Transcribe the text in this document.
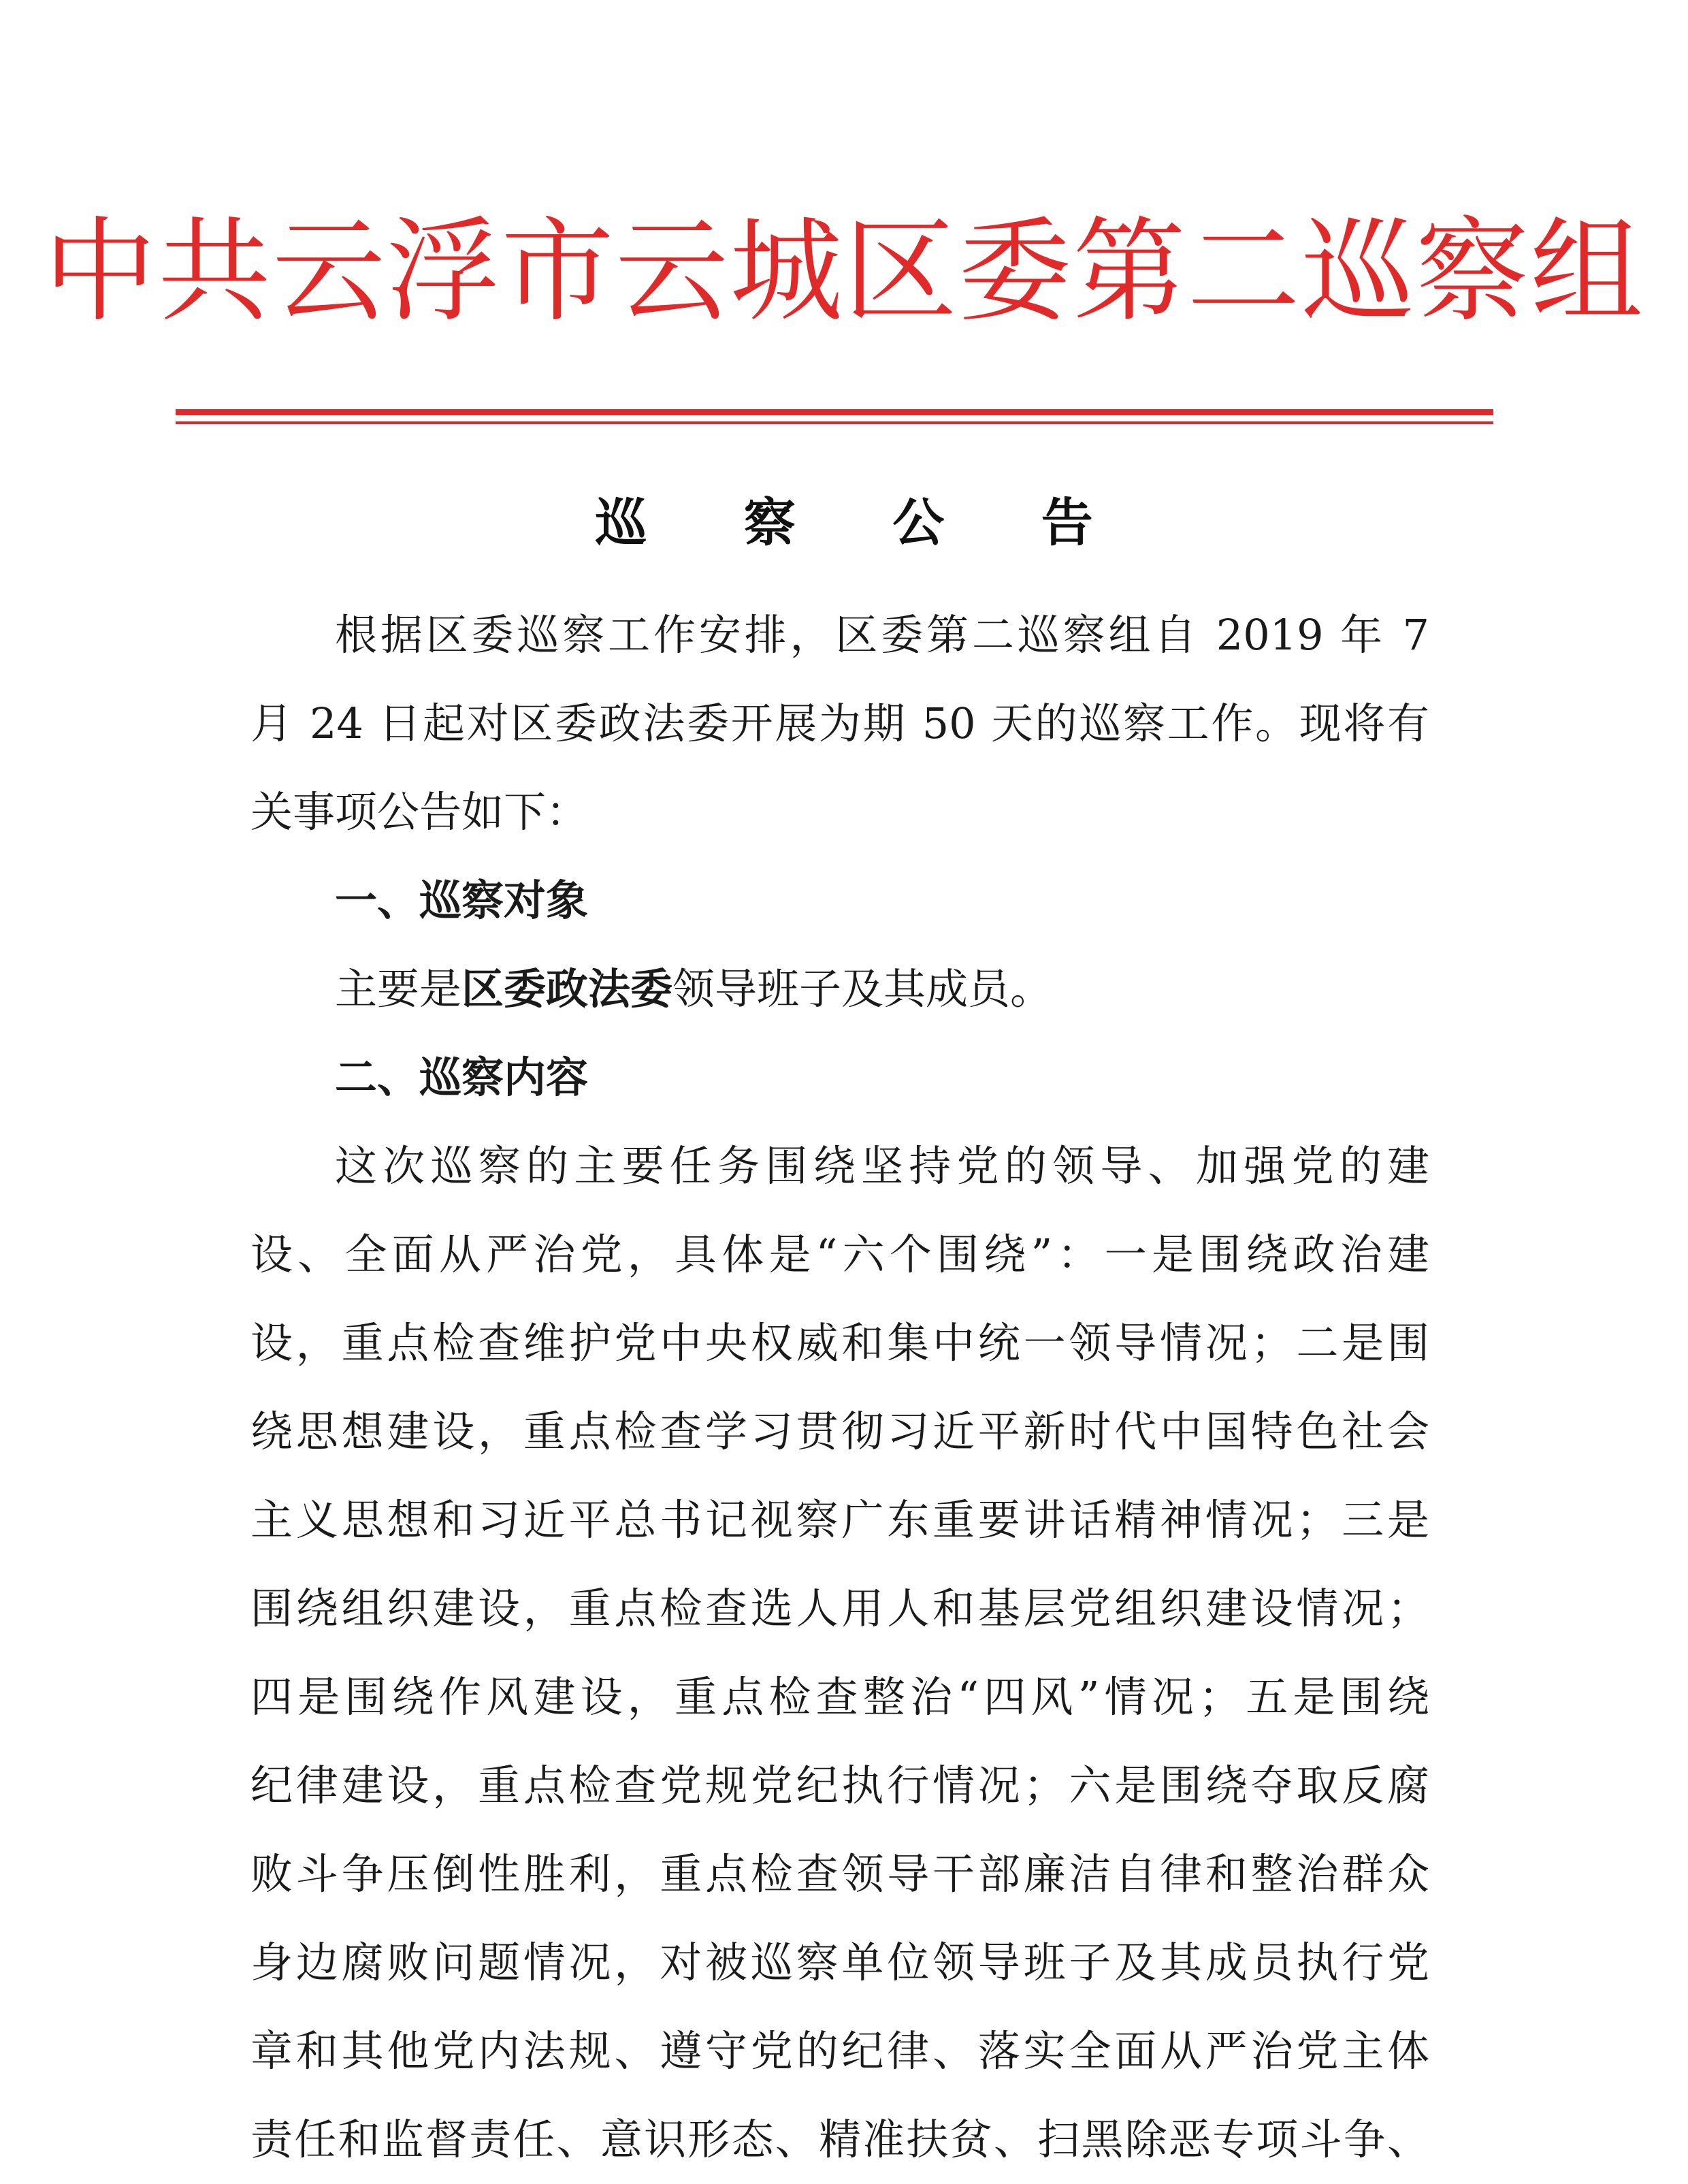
中共云浮市云城区委第二巡察组
巡 察 公 告
根据区委巡察工作安排，区委第二巡察组自 2019 年 7
月 24 日起对区委政法委开展为期 50 天的巡察工作。现将有
关事项公告如下：
一、巡察对象
主要是区委政法委领导班子及其成员。
二、巡察内容
这次巡察的主要任务围绕坚持党的领导、加强党的建
设、全面从严治党，具体是“六个围绕”：一是围绕政治建
设，重点检查维护党中央权威和集中统一领导情况；二是围
绕思想建设，重点检查学习贯彻习近平新时代中国特色社会
主义思想和习近平总书记视察广东重要讲话精神情况；三是
围绕组织建设，重点检查选人用人和基层党组织建设情况；
四是围绕作风建设，重点检查整治“四风”情况；五是围绕
纪律建设，重点检查党规党纪执行情况；六是围绕夺取反腐
败斗争压倒性胜利，重点检查领导干部廉洁自律和整治群众
身边腐败问题情况，对被巡察单位领导班子及其成员执行党
章和其他党内法规、遵守党的纪律、落实全面从严治党主体
责任和监督责任、意识形态、精准扶贫、扫黑除恶专项斗争、
